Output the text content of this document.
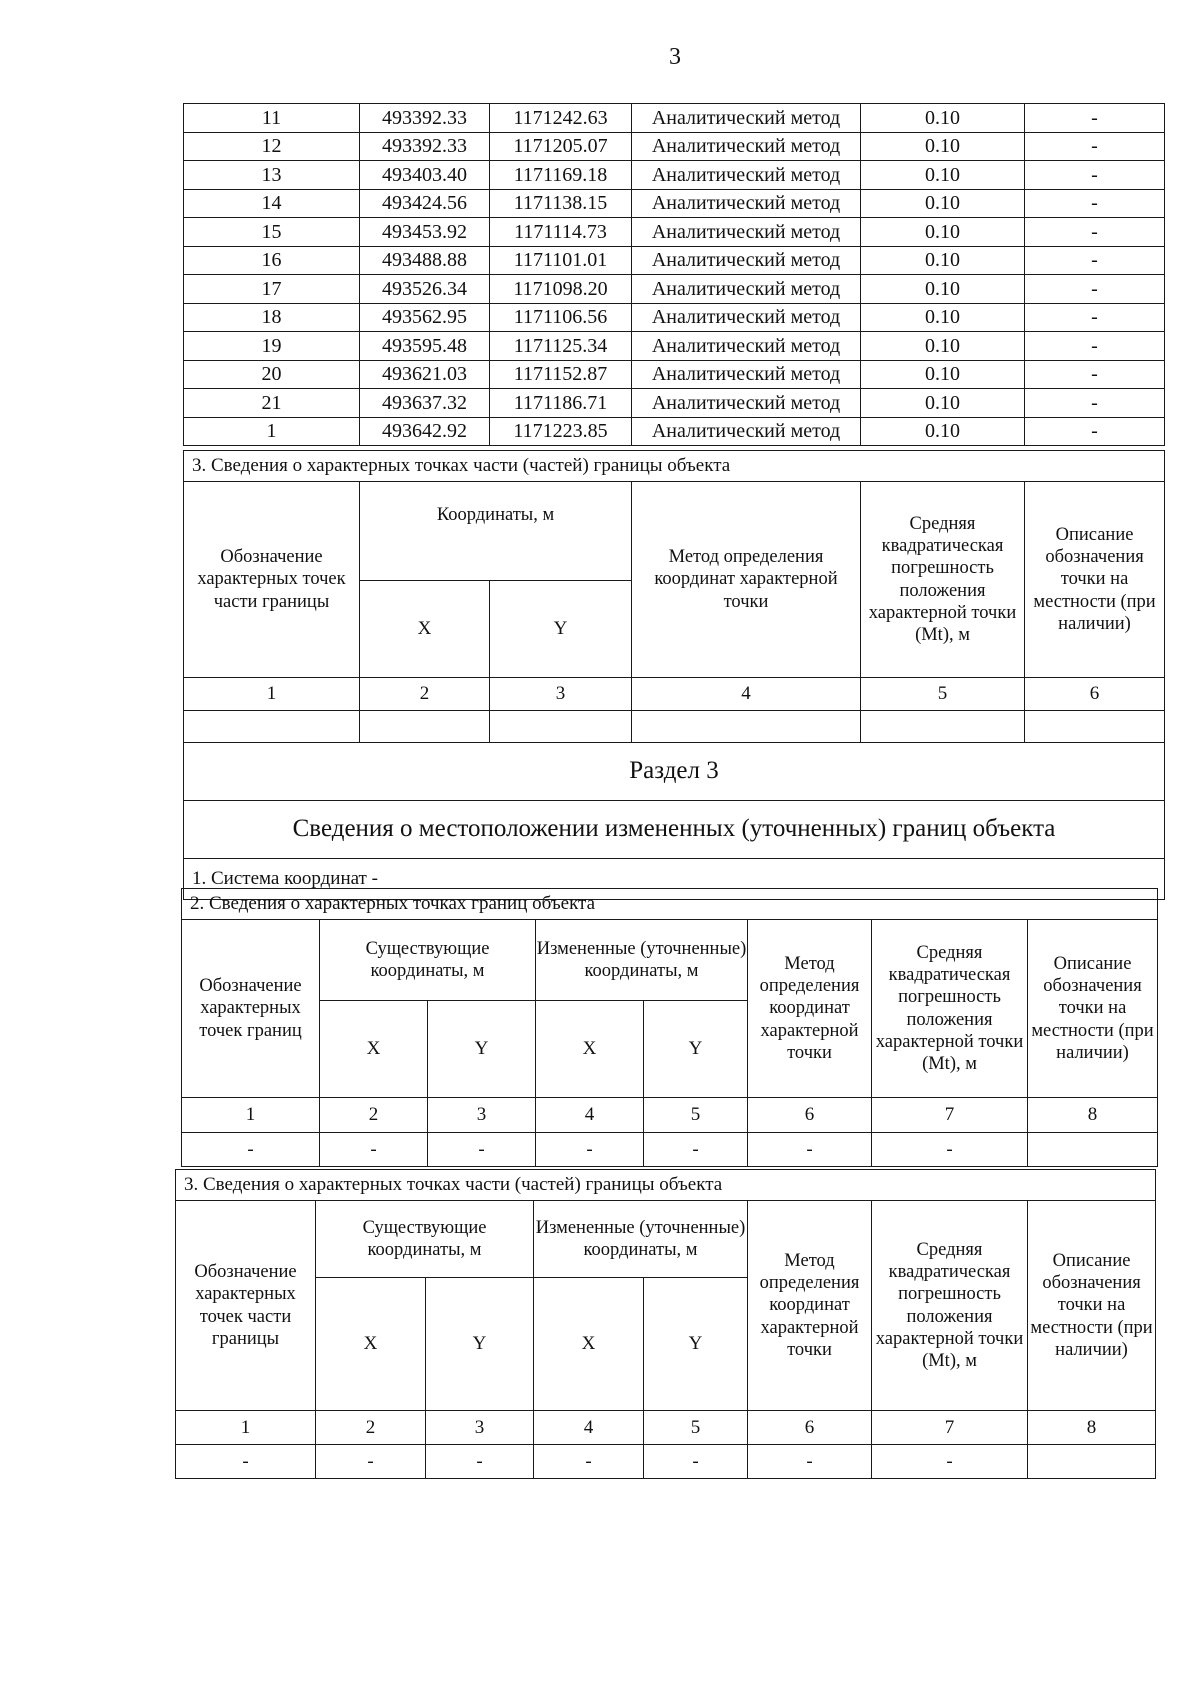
3
11	493392.33	1171242.63	Аналитический метод	0.10	-
12	493392.33	1171205.07	Аналитический метод	0.10	-
13	493403.40	1171169.18	Аналитический метод	0.10	-
14	493424.56	1171138.15	Аналитический метод	0.10	-
15	493453.92	1171114.73	Аналитический метод	0.10	-
16	493488.88	1171101.01	Аналитический метод	0.10	-
17	493526.34	1171098.20	Аналитический метод	0.10	-
18	493562.95	1171106.56	Аналитический метод	0.10	-
19	493595.48	1171125.34	Аналитический метод	0.10	-
20	493621.03	1171152.87	Аналитический метод	0.10	-
21	493637.32	1171186.71	Аналитический метод	0.10	-
1	493642.92	1171223.85	Аналитический метод	0.10	-
3. Сведения о характерных точках части (частей) границы объекта					
Обозначение характерных точек части границы	Координаты, м		Метод определения координат характерной точки	Средняя квадратическая погрешность положения характерной точки (Mt), м	Описание обозначения точки на местности (при наличии)
	X	Y			
1	2	3	4	5	6

Раздел 3					
Сведения о местоположении измененных (уточненных) границ объекта					
1. Система координат -					
2. Сведения о характерных точках границ объекта							
Обозначение характерных точек границ	Существующие координаты, м		Измененные (уточненные) координаты, м		Метод определения координат характерной точки	Средняя квадратическая погрешность положения характерной точки (Mt), м	Описание обозначения точки на местности (при наличии)
	X	Y	X	Y			
1	2	3	4	5	6	7	8
-	-	-	-	-	-	-	
3. Сведения о характерных точках части (частей) границы объекта							
Обозначение характерных точек части границы	Существующие координаты, м		Измененные (уточненные) координаты, м		Метод определения координат характерной точки	Средняя квадратическая погрешность положения характерной точки (Mt), м	Описание обозначения точки на местности (при наличии)
	X	Y	X	Y			
1	2	3	4	5	6	7	8
-	-	-	-	-	-	-	
